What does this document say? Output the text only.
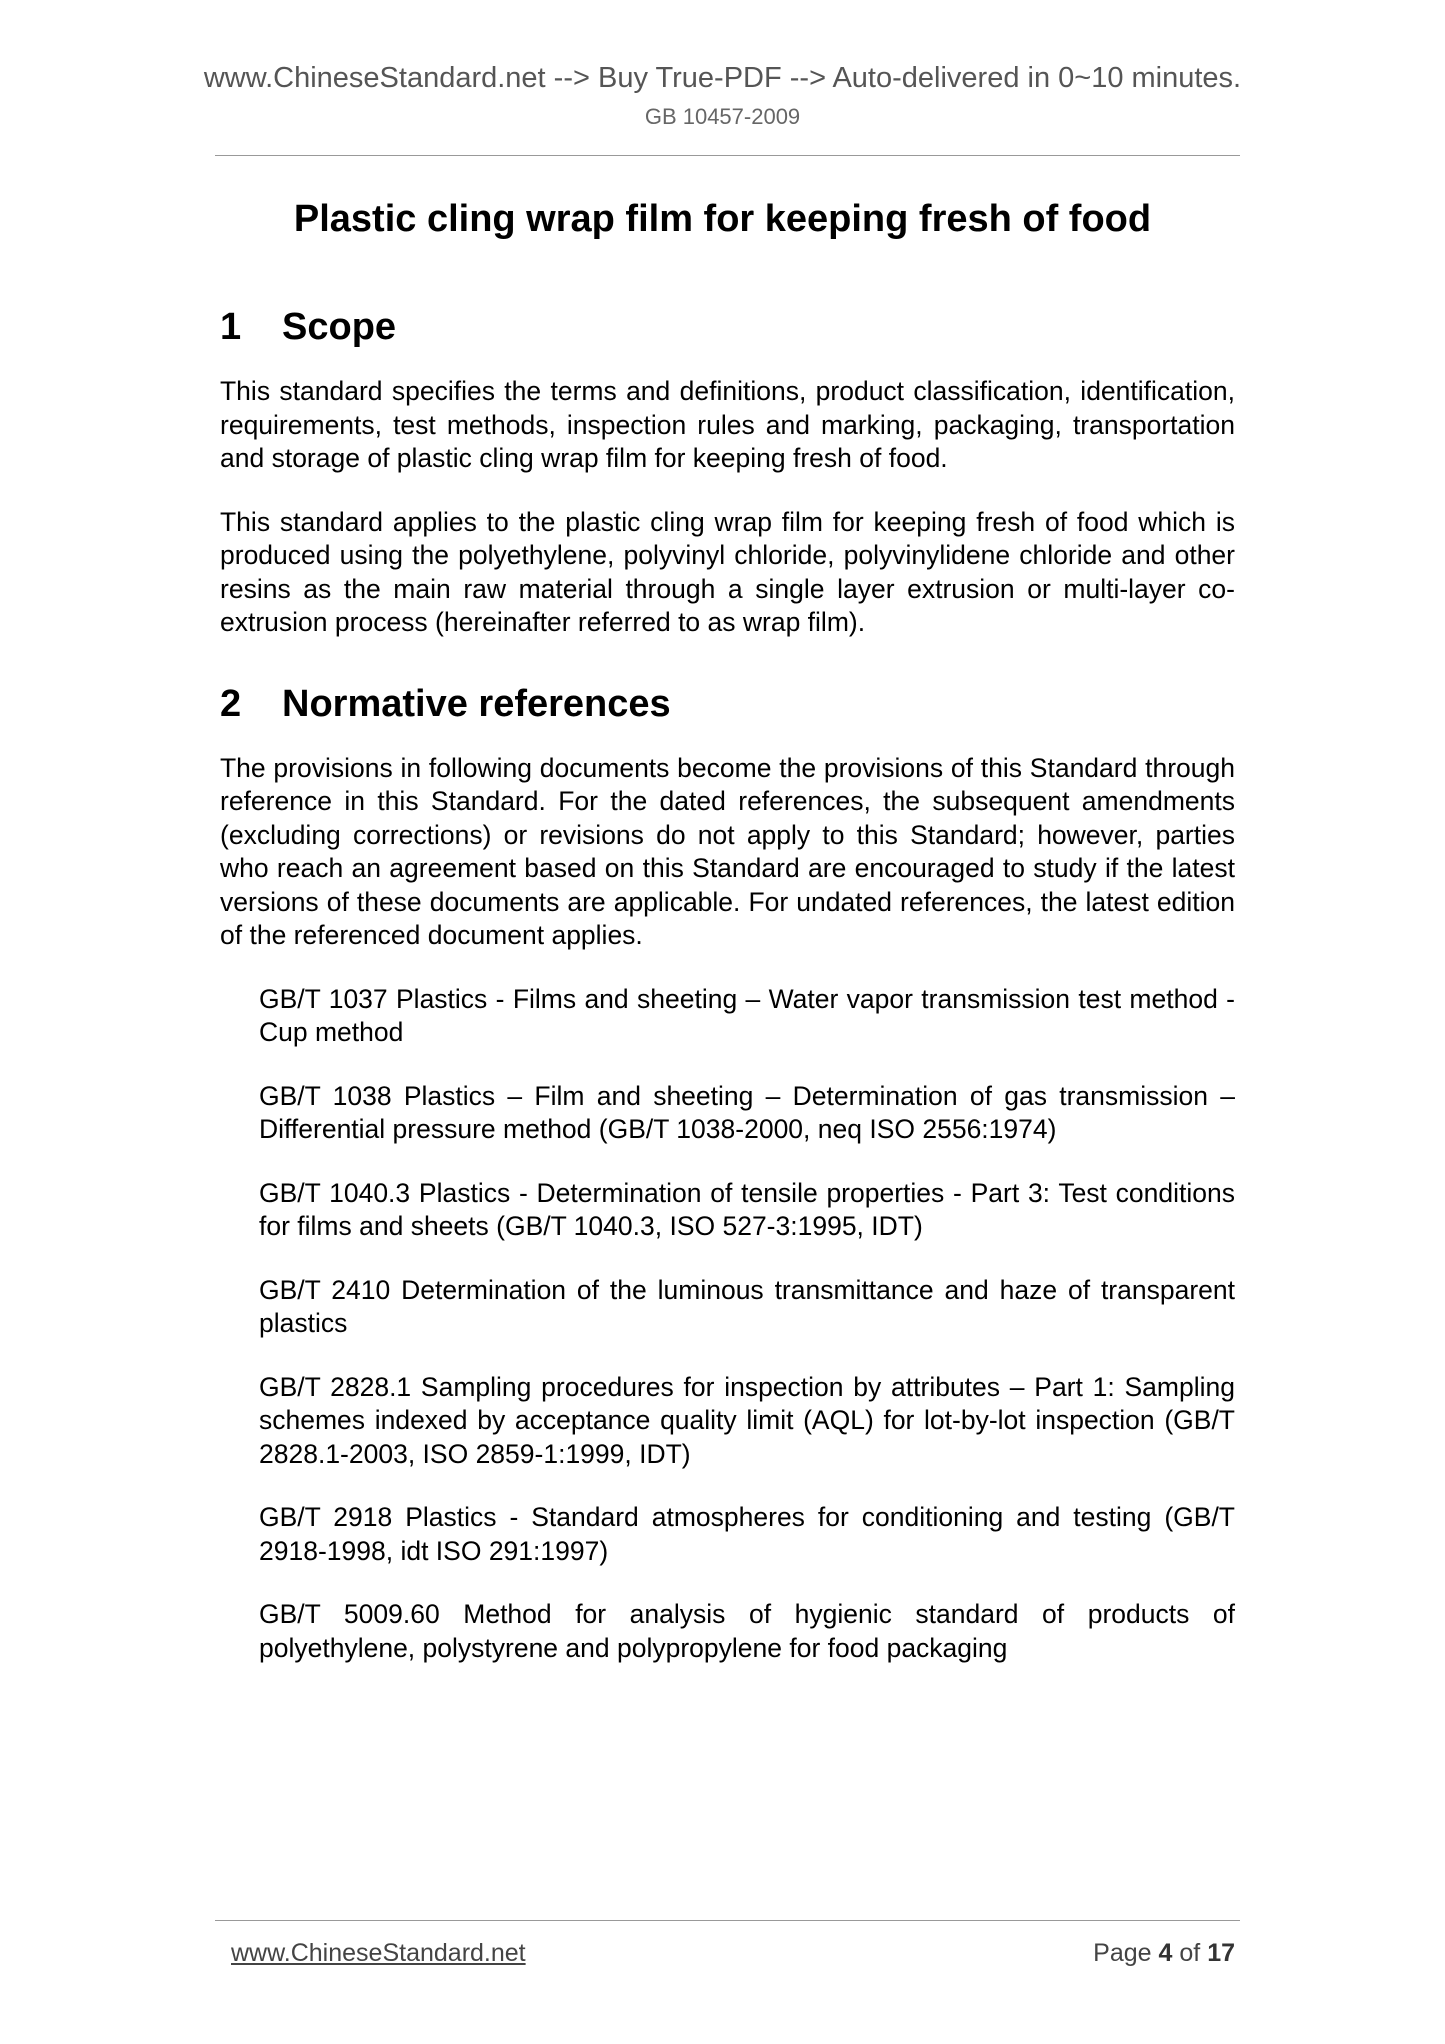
www.ChineseStandard.net --> Buy True-PDF --> Auto-delivered in 0~10 minutes.
GB 10457-2009
Plastic cling wrap film for keeping fresh of food
1 Scope

This standard specifies the terms and definitions, product classification, identification, requirements, test methods, inspection rules and marking, packaging, transportation and storage of plastic cling wrap film for keeping fresh of food.

This standard applies to the plastic cling wrap film for keeping fresh of food which is produced using the polyethylene, polyvinyl chloride, polyvinylidene chloride and other resins as the main raw material through a single layer extrusion or multi-layer co-extrusion process (hereinafter referred to as wrap film).

2 Normative references

The provisions in following documents become the provisions of this Standard through reference in this Standard. For the dated references, the subsequent amendments (excluding corrections) or revisions do not apply to this Standard; however, parties who reach an agreement based on this Standard are encouraged to study if the latest versions of these documents are applicable. For undated references, the latest edition of the referenced document applies.

GB/T 1037 Plastics - Films and sheeting – Water vapor transmission test method - Cup method

GB/T 1038 Plastics – Film and sheeting – Determination of gas transmission – Differential pressure method (GB/T 1038-2000, neq ISO 2556:1974)

GB/T 1040.3 Plastics - Determination of tensile properties - Part 3: Test conditions for films and sheets (GB/T 1040.3, ISO 527-3:1995, IDT)

GB/T 2410 Determination of the luminous transmittance and haze of transparent plastics

GB/T 2828.1 Sampling procedures for inspection by attributes – Part 1: Sampling schemes indexed by acceptance quality limit (AQL) for lot-by-lot inspection (GB/T 2828.1-2003, ISO 2859-1:1999, IDT)

GB/T 2918 Plastics - Standard atmospheres for conditioning and testing (GB/T 2918-1998, idt ISO 291:1997)

GB/T 5009.60 Method for analysis of hygienic standard of products of polyethylene, polystyrene and polypropylene for food packaging

www.ChineseStandard.net	Page 4 of 17
